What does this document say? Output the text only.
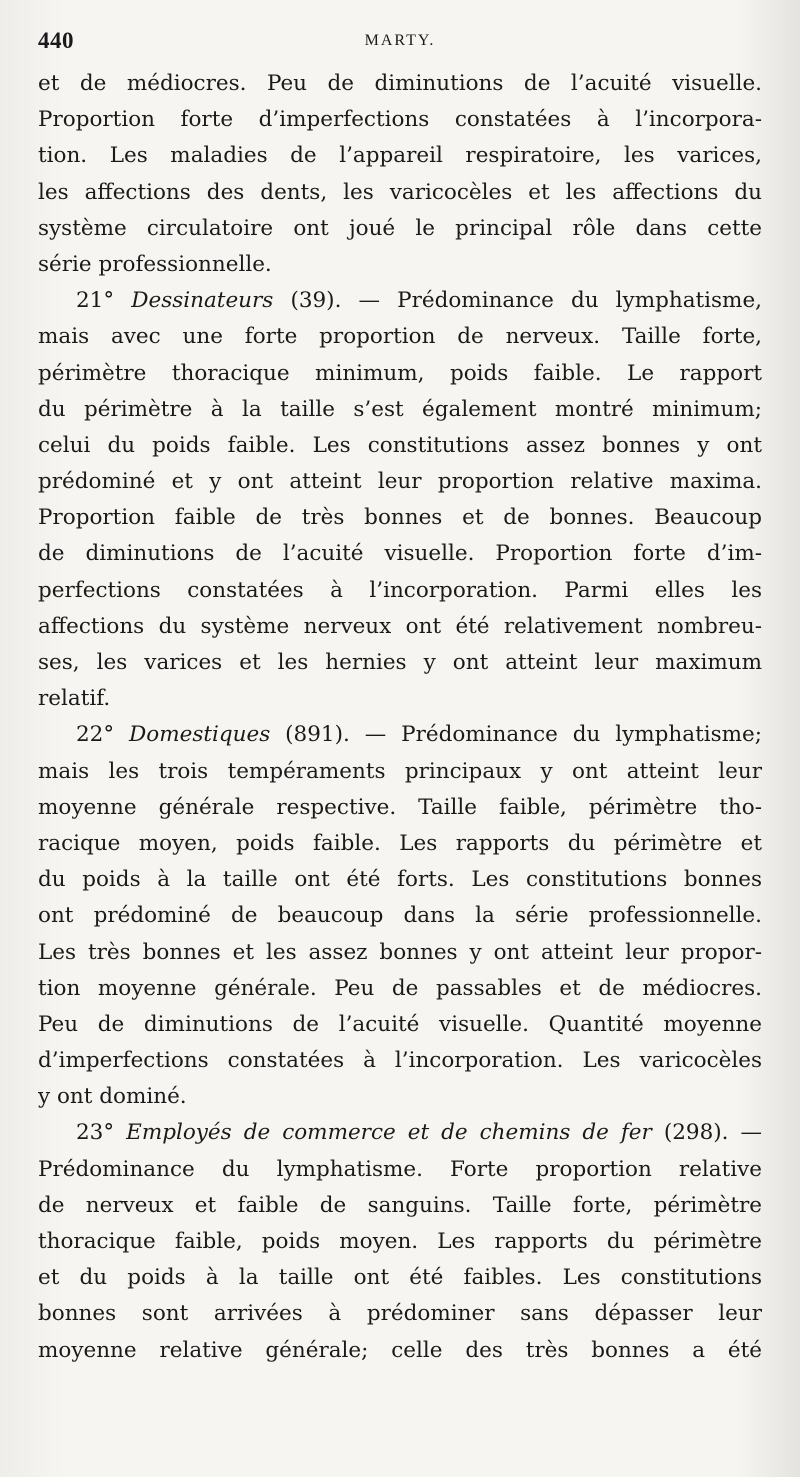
440	MARTY.
et de médiocres. Peu de diminutions de l’acuité visuelle.
Proportion forte d’imperfections constatées à l’incorpora-
tion. Les maladies de l’appareil respiratoire, les varices,
les affections des dents, les varicocèles et les affections du
système circulatoire ont joué le principal rôle dans cette
série professionnelle.
21° Dessinateurs (39). — Prédominance du lymphatisme,
mais avec une forte proportion de nerveux. Taille forte,
périmètre thoracique minimum, poids faible. Le rapport
du périmètre à la taille s’est également montré minimum;
celui du poids faible. Les constitutions assez bonnes y ont
prédominé et y ont atteint leur proportion relative maxima.
Proportion faible de très bonnes et de bonnes. Beaucoup
de diminutions de l’acuité visuelle. Proportion forte d’im-
perfections constatées à l’incorporation. Parmi elles les
affections du système nerveux ont été relativement nombreu-
ses, les varices et les hernies y ont atteint leur maximum
relatif.
22° Domestiques (891). — Prédominance du lymphatisme;
mais les trois tempéraments principaux y ont atteint leur
moyenne générale respective. Taille faible, périmètre tho-
racique moyen, poids faible. Les rapports du périmètre et
du poids à la taille ont été forts. Les constitutions bonnes
ont prédominé de beaucoup dans la série professionnelle.
Les très bonnes et les assez bonnes y ont atteint leur propor-
tion moyenne générale. Peu de passables et de médiocres.
Peu de diminutions de l’acuité visuelle. Quantité moyenne
d’imperfections constatées à l’incorporation. Les varicocèles
y ont dominé.
23° Employés de commerce et de chemins de fer (298). —
Prédominance du lymphatisme. Forte proportion relative
de nerveux et faible de sanguins. Taille forte, périmètre
thoracique faible, poids moyen. Les rapports du périmètre
et du poids à la taille ont été faibles. Les constitutions
bonnes sont arrivées à prédominer sans dépasser leur
moyenne relative générale; celle des très bonnes a été
